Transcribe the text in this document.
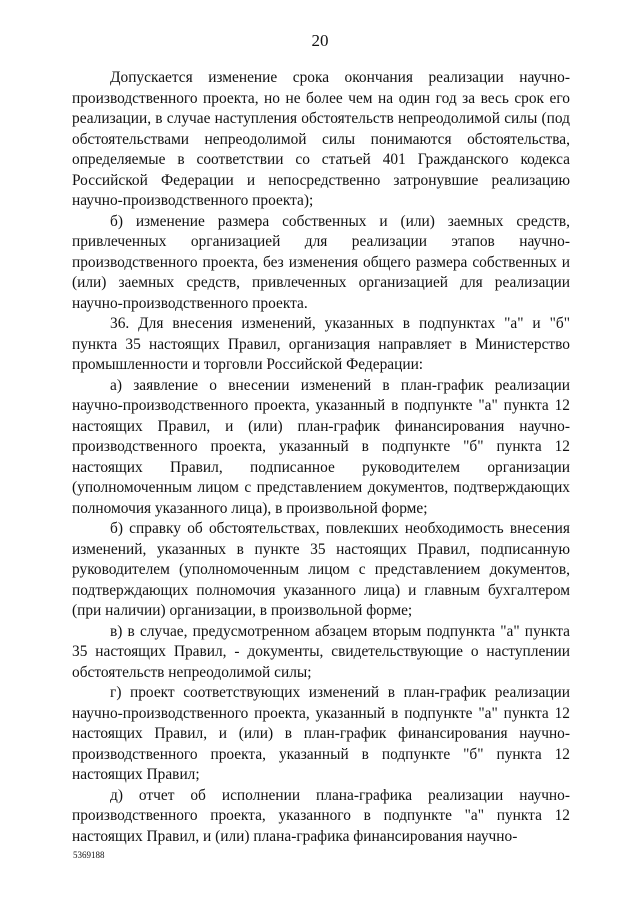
20

Допускается изменение срока окончания реализации научно-производственного проекта, но не более чем на один год за весь срок его реализации, в случае наступления обстоятельств непреодолимой силы (под обстоятельствами непреодолимой силы понимаются обстоятельства, определяемые в соответствии со статьей 401 Гражданского кодекса Российской Федерации и непосредственно затронувшие реализацию научно-производственного проекта);

б) изменение размера собственных и (или) заемных средств, привлеченных организацией для реализации этапов научно-производственного проекта, без изменения общего размера собственных и (или) заемных средств, привлеченных организацией для реализации научно-производственного проекта.

36. Для внесения изменений, указанных в подпунктах "а" и "б" пункта 35 настоящих Правил, организация направляет в Министерство промышленности и торговли Российской Федерации:

а) заявление о внесении изменений в план-график реализации научно-производственного проекта, указанный в подпункте "а" пункта 12 настоящих Правил, и (или) план-график финансирования научно-производственного проекта, указанный в подпункте "б" пункта 12 настоящих Правил, подписанное руководителем организации (уполномоченным лицом с представлением документов, подтверждающих полномочия указанного лица), в произвольной форме;

б) справку об обстоятельствах, повлекших необходимость внесения изменений, указанных в пункте 35 настоящих Правил, подписанную руководителем (уполномоченным лицом с представлением документов, подтверждающих полномочия указанного лица) и главным бухгалтером (при наличии) организации, в произвольной форме;

в) в случае, предусмотренном абзацем вторым подпункта "а" пункта 35 настоящих Правил, - документы, свидетельствующие о наступлении обстоятельств непреодолимой силы;

г) проект соответствующих изменений в план-график реализации научно-производственного проекта, указанный в подпункте "а" пункта 12 настоящих Правил, и (или) в план-график финансирования научно-производственного проекта, указанный в подпункте "б" пункта 12 настоящих Правил;

д) отчет об исполнении плана-графика реализации научно-производственного проекта, указанного в подпункте "а" пункта 12 настоящих Правил, и (или) плана-графика финансирования научно-

5369188
